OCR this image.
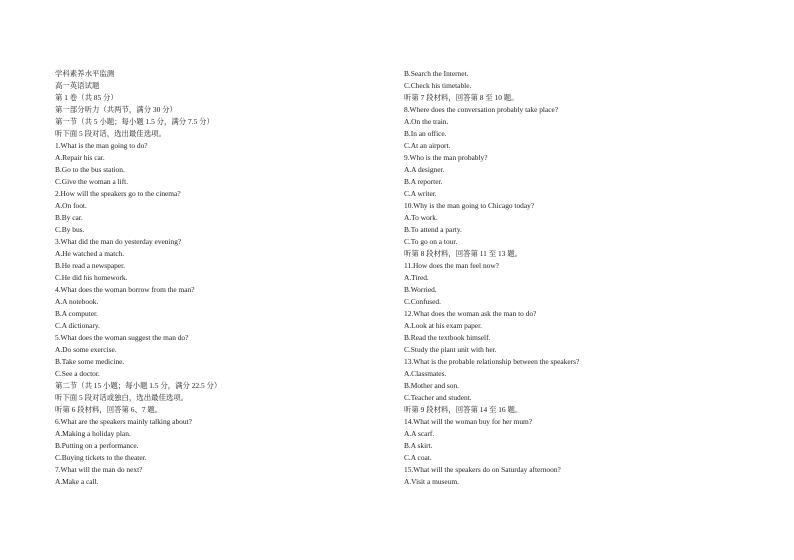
学科素养水平监测
高一英语试题
第 1 卷（共 85 分）
第一部分听力（共两节，满分 30 分）
第一节（共 5 小题；每小题 1.5 分，满分 7.5 分）
听下面 5 段对话，选出最佳选项。
1.What is the man going to do?
A.Repair his car.
B.Go to the bus station.
C.Give the woman a lift.
2.How will the speakers go to the cinema?
A.On foot.
B.By car.
C.By bus.
3.What did the man do yesterday evening?
A.He watched a match.
B.He read a newspaper.
C.He did his homework.
4.What does the woman borrow from the man?
A.A notebook.
B.A computer.
C.A dictionary.
5.What does the woman suggest the man do?
A.Do some exercise.
B.Take some medicine.
C.See a doctor.
第二节（共 15 小题；每小题 1.5 分，满分 22.5 分）
听下面 5 段对话或独白，选出最佳选项。
听第 6 段材料，回答第 6、7 题。
6.What are the speakers mainly talking about?
A.Making a holiday plan.
B.Putting on a performance.
C.Buying tickets to the theater.
7.What will the man do next?
A.Make a call.
B.Search the Internet.
C.Check his timetable.
听第 7 段材料，回答第 8 至 10 题。
8.Where does the conversation probably take place?
A.On the train.
B.In an office.
C.At an airport.
9.Who is the man probably?
A.A designer.
B.A reporter.
C.A writer.
10.Why is the man going to Chicago today?
A.To work.
B.To attend a party.
C.To go on a tour.
听第 8 段材料，回答第 11 至 13 题。
11.How does the man feel now?
A.Tired.
B.Worried.
C.Confused.
12.What does the woman ask the man to do?
A.Look at his exam paper.
B.Read the textbook himself.
C.Study the plant unit with her.
13.What is the probable relationship between the speakers?
A.Classmates.
B.Mother and son.
C.Teacher and student.
听第 9 段材料，回答第 14 至 16 题。
14.What will the woman buy for her mum?
A.A scarf.
B.A skirt.
C.A coat.
15.What will the speakers do on Saturday afternoon?
A.Visit a museum.
